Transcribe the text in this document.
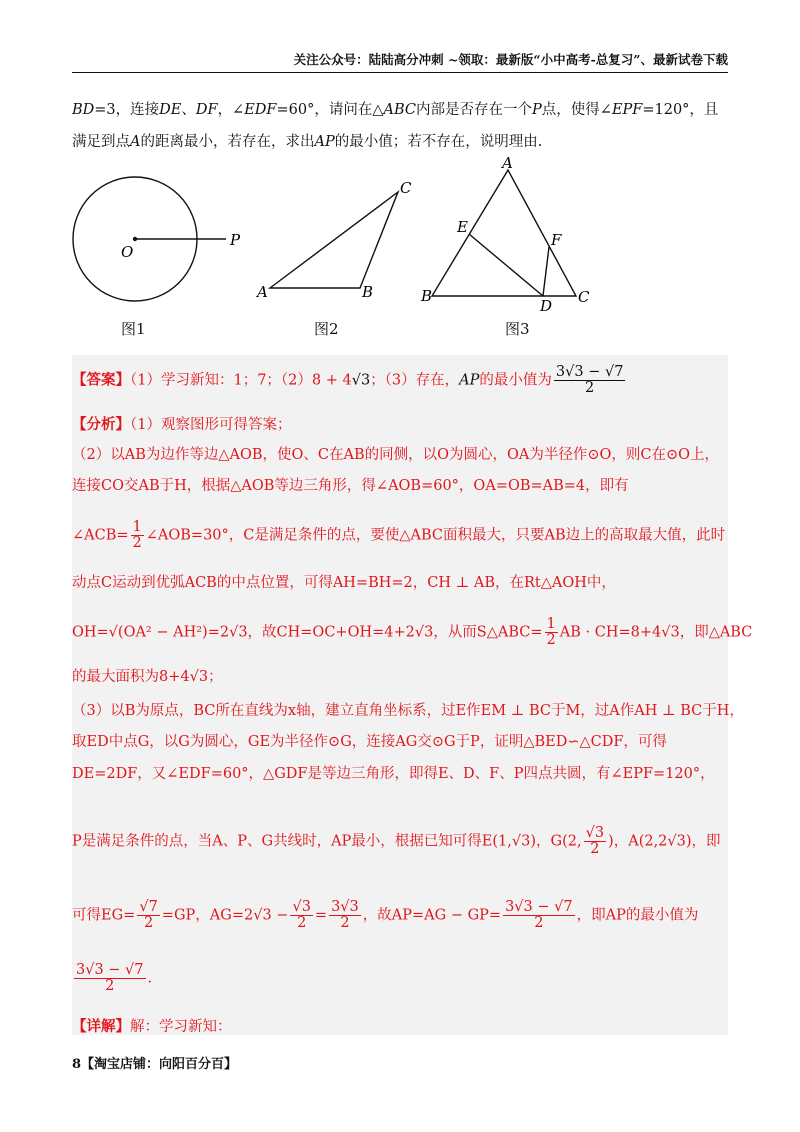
关注公众号：陆陆高分冲刺 ~领取：最新版“小中高考-总复习”、最新试卷下载
BD=3，连接DE、DF，∠EDF=60°，请问在△ABC内部是否存在一个P点，使得∠EPF=120°，且
满足到点A的距离最小，若存在，求出AP的最小值；若不存在，说明理由.
O
P
A	B
C
A
B	C
D
E
F
图1	图2	图3
【答案】（1）学习新知：1；7；（2）8 + 4√3；（3）存在，AP的最小值为 $\frac{3√3 - √7}{2}$
【分析】（1）观察图形可得答案；
（2）以AB为边作等边△AOB，使O、C在AB的同侧，以O为圆心，OA为半径作⊙O，则C在⊙O上，
连接CO交AB于H，根据△AOB等边三角形，得∠AOB=60°，OA=OB=AB=4，即有
∠ACB= $\frac{1}{2}$ ∠AOB=30°，C是满足条件的点，要使△ABC面积最大，只要AB边上的高取最大值，此时
动点C运动到优弧ACB的中点位置，可得AH=BH=2，CH ⊥ AB，在Rt△AOH中，
OH=√(OA² − AH²)=2√3，故CH=OC+OH=4+2√3，从而S△ABC= $\frac{1}{2}$ AB · CH=8+4√3，即△ABC
的最大面积为8+4√3；
（3）以B为原点，BC所在直线为x轴，建立直角坐标系，过E作EM ⊥ BC于M，过A作AH ⊥ BC于H，
取ED中点G，以G为圆心，GE为半径作⊙G，连接AG交⊙G于P，证明△BED∽△CDF，可得
DE=2DF，又∠EDF=60°，△GDF是等边三角形，即得E、D、F、P四点共圆，有∠EPF=120°，
P是满足条件的点，当A、P、G共线时，AP最小，根据已知可得E(1,√3)，G(2, $\frac{√3}{2}$ )，A(2,2√3)，即
可得$EG= \frac{√7}{2} =GP$，$AG=2√3 - \frac{√3}{2} = \frac{3√3}{2}$ ，故$AP=AG - GP= \frac{3√3 - √7}{2}$ ，即AP的最小值为
$\frac{3√3 - √7}{2}$ .
【详解】解：学习新知：
8【淘宝店铺：向阳百分百】
